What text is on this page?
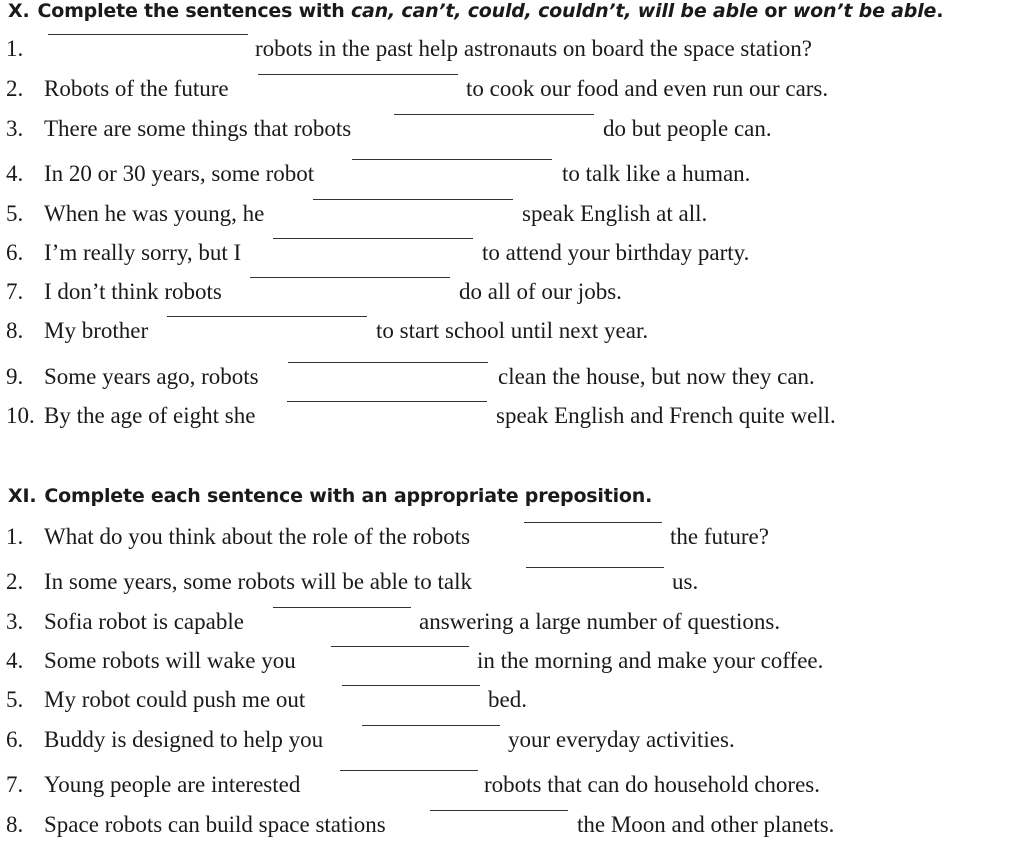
X. Complete the sentences with can, can’t, could, couldn’t, will be able or won’t be able.
1.	robots in the past help astronauts on board the space station?
2. Robots of the future	to cook our food and even run our cars.
3. There are some things that robots	do but people can.
4. In 20 or 30 years, some robot	to talk like a human.
5. When he was young, he	speak English at all.
6. I’m really sorry, but I	to attend your birthday party.
7. I don’t think robots	do all of our jobs.
8. My brother	to start school until next year.
9. Some years ago, robots	clean the house, but now they can.
10. By the age of eight she	speak English and French quite well.
XI. Complete each sentence with an appropriate preposition.
1. What do you think about the role of the robots	the future?
2. In some years, some robots will be able to talk	us.
3. Sofia robot is capable	answering a large number of questions.
4. Some robots will wake you	in the morning and make your coffee.
5. My robot could push me out	bed.
6. Buddy is designed to help you	your everyday activities.
7. Young people are interested	robots that can do household chores.
8. Space robots can build space stations	the Moon and other planets.
